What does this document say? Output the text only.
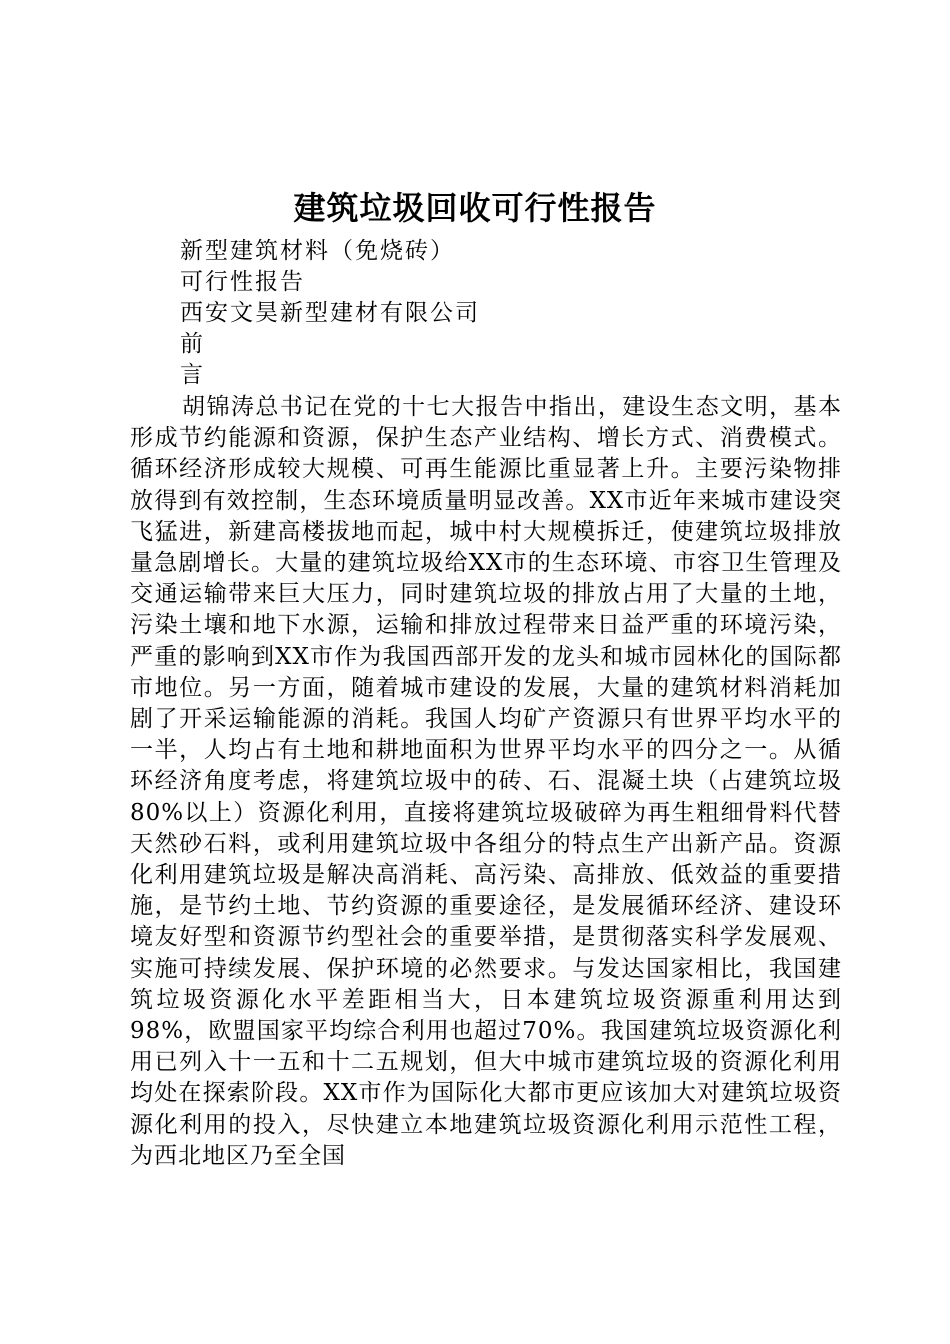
建筑垃圾回收可行性报告
新型建筑材料（免烧砖）
可行性报告
西安文昊新型建材有限公司
前
言

胡锦涛总书记在党的十七大报告中指出，建设生态文明，基本形成节约能源和资源，保护生态产业结构、增长方式、消费模式。循环经济形成较大规模、可再生能源比重显著上升。主要污染物排放得到有效控制，生态环境质量明显改善。XX市近年来城市建设突飞猛进，新建高楼拔地而起，城中村大规模拆迁，使建筑垃圾排放量急剧增长。大量的建筑垃圾给XX市的生态环境、市容卫生管理及交通运输带来巨大压力，同时建筑垃圾的排放占用了大量的土地，污染土壤和地下水源，运输和排放过程带来日益严重的环境污染，严重的影响到XX市作为我国西部开发的龙头和城市园林化的国际都市地位。另一方面，随着城市建设的发展，大量的建筑材料消耗加剧了开采运输能源的消耗。我国人均矿产资源只有世界平均水平的一半，人均占有土地和耕地面积为世界平均水平的四分之一。从循环经济角度考虑，将建筑垃圾中的砖、石、混凝土块（占建筑垃圾80%以上）资源化利用，直接将建筑垃圾破碎为再生粗细骨料代替天然砂石料，或利用建筑垃圾中各组分的特点生产出新产品。资源化利用建筑垃圾是解决高消耗、高污染、高排放、低效益的重要措施，是节约土地、节约资源的重要途径，是发展循环经济、建设环境友好型和资源节约型社会的重要举措，是贯彻落实科学发展观、实施可持续发展、保护环境的必然要求。与发达国家相比，我国建筑垃圾资源化水平差距相当大，日本建筑垃圾资源重利用达到98%，欧盟国家平均综合利用也超过70%。我国建筑垃圾资源化利用已列入十一五和十二五规划，但大中城市建筑垃圾的资源化利用均处在探索阶段。XX市作为国际化大都市更应该加大对建筑垃圾资源化利用的投入，尽快建立本地建筑垃圾资源化利用示范性工程，为西北地区乃至全国
